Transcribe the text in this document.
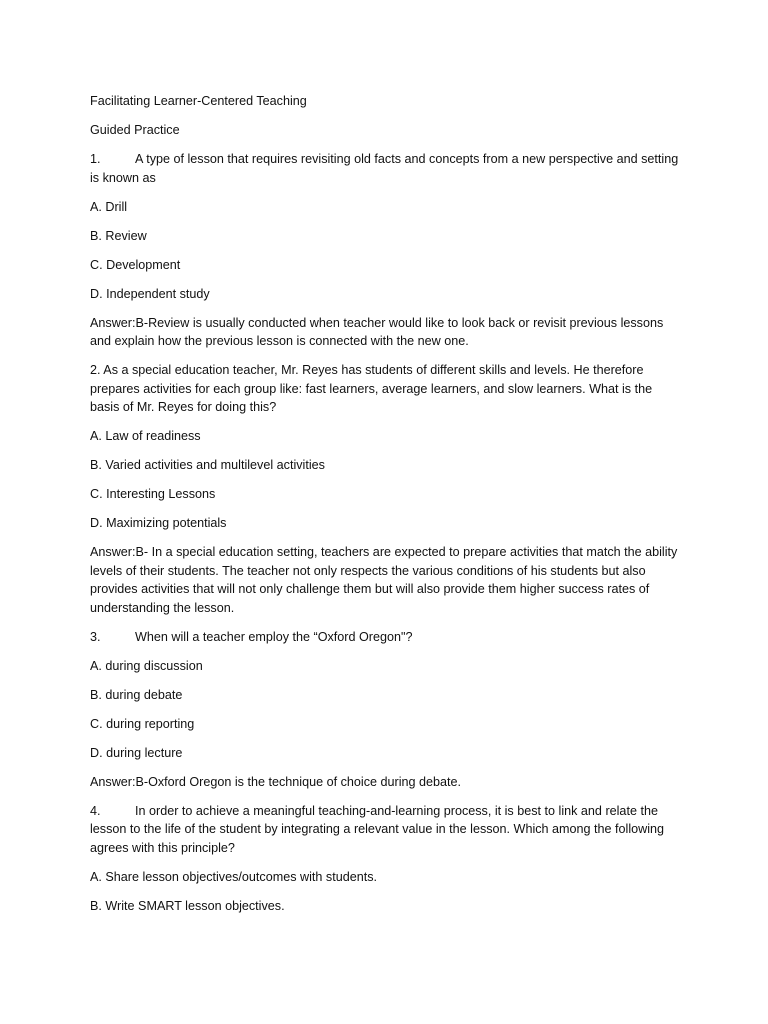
Facilitating Learner-Centered Teaching

Guided Practice

1.	A type of lesson that requires revisiting old facts and concepts from a new perspective and setting is known as

A. Drill

B. Review

C. Development

D. Independent study

Answer:B-Review is usually conducted when teacher would like to look back or revisit previous lessons and explain how the previous lesson is connected with the new one.

2. As a special education teacher, Mr. Reyes has students of different skills and levels. He therefore prepares activities for each group like: fast learners, average learners, and slow learners. What is the basis of Mr. Reyes for doing this?

A. Law of readiness

B. Varied activities and multilevel activities

C. Interesting Lessons

D. Maximizing potentials

Answer:B- In a special education setting, teachers are expected to prepare activities that match the ability levels of their students. The teacher not only respects the various conditions of his students but also provides activities that will not only challenge them but will also provide them higher success rates of understanding the lesson.

3.	When will a teacher employ the “Oxford Oregon"?

A. during discussion

B. during debate

C. during reporting

D. during lecture

Answer:B-Oxford Oregon is the technique of choice during debate.

4.	In order to achieve a meaningful teaching-and-learning process, it is best to link and relate the lesson to the life of the student by integrating a relevant value in the lesson. Which among the following agrees with this principle?

A. Share lesson objectives/outcomes with students.

B. Write SMART lesson objectives.
